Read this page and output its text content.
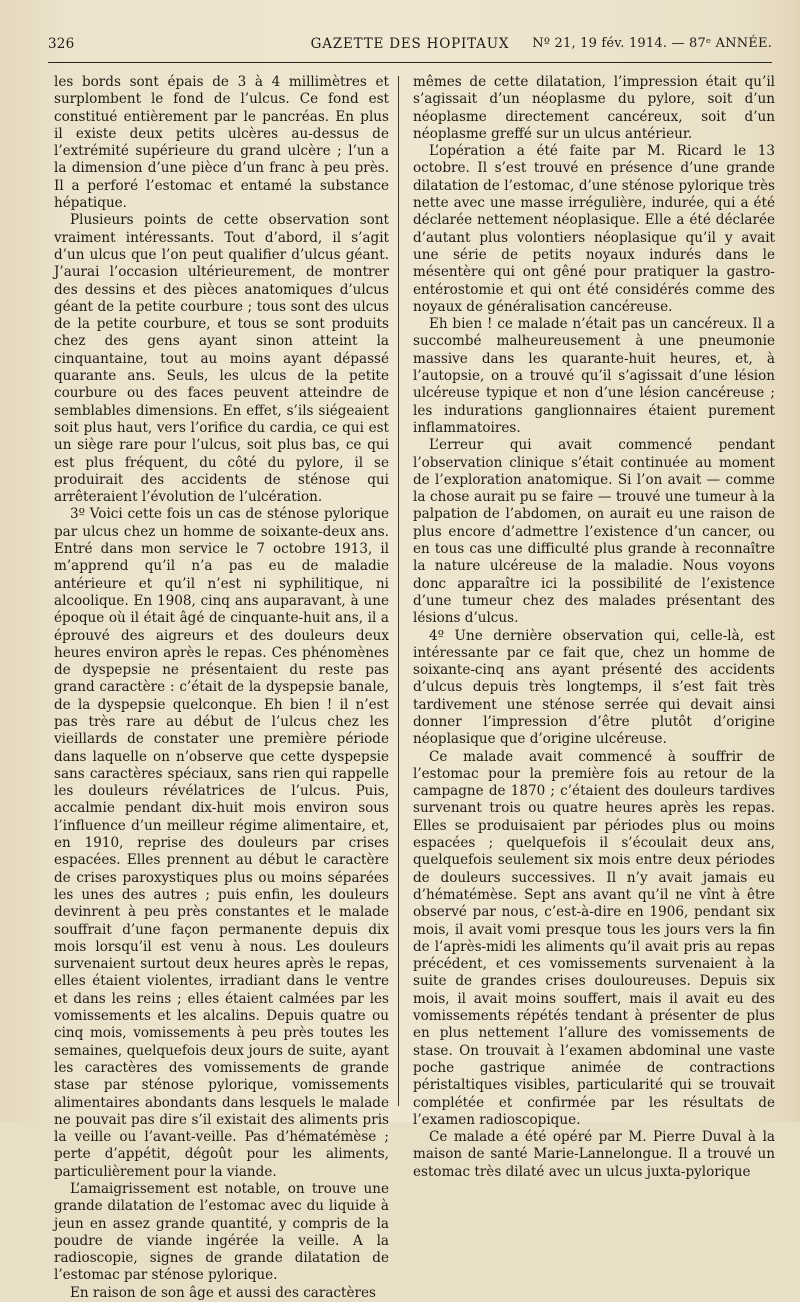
326	GAZETTE DES HOPITAUX	Nº 21, 19 fév. 1914. — 87ᵉ ANNÉE.

les bords sont épais de 3 à 4 millimètres et surplombent le fond de l’ulcus. Ce fond est constitué entièrement par le pancréas. En plus il existe deux petits ulcères au-dessus de l’extrémité supérieure du grand ulcère ; l’un a la dimension d’une pièce d’un franc à peu près. Il a perforé l’estomac et entamé la substance hépatique.

Plusieurs points de cette observation sont vraiment intéressants. Tout d’abord, il s’agit d’un ulcus que l’on peut qualifier d’ulcus géant. J’aurai l’occasion ultérieurement, de montrer des dessins et des pièces anatomiques d’ulcus géant de la petite courbure ; tous sont des ulcus de la petite courbure, et tous se sont produits chez des gens ayant sinon atteint la cinquantaine, tout au moins ayant dépassé quarante ans. Seuls, les ulcus de la petite courbure ou des faces peuvent atteindre de semblables dimensions. En effet, s’ils siégeaient soit plus haut, vers l’orifice du cardia, ce qui est un siège rare pour l’ulcus, soit plus bas, ce qui est plus fréquent, du côté du pylore, il se produirait des accidents de sténose qui arrêteraient l’évolution de l’ulcération.

3º Voici cette fois un cas de sténose pylorique par ulcus chez un homme de soixante-deux ans. Entré dans mon service le 7 octobre 1913, il m’apprend qu’il n’a pas eu de maladie antérieure et qu’il n’est ni syphilitique, ni alcoolique. En 1908, cinq ans auparavant, à une époque où il était âgé de cinquante-huit ans, il a éprouvé des aigreurs et des douleurs deux heures environ après le repas. Ces phénomènes de dyspepsie ne présentaient du reste pas grand caractère : c’était de la dyspepsie banale, de la dyspepsie quelconque. Eh bien ! il n’est pas très rare au début de l’ulcus chez les vieillards de constater une première période dans laquelle on n’observe que cette dyspepsie sans caractères spéciaux, sans rien qui rappelle les douleurs révélatrices de l’ulcus. Puis, accalmie pendant dix-huit mois environ sous l’influence d’un meilleur régime alimentaire, et, en 1910, reprise des douleurs par crises espacées. Elles prennent au début le caractère de crises paroxystiques plus ou moins séparées les unes des autres ; puis enfin, les douleurs devinrent à peu près constantes et le malade souffrait d’une façon permanente depuis dix mois lorsqu’il est venu à nous. Les douleurs survenaient surtout deux heures après le repas, elles étaient violentes, irradiant dans le ventre et dans les reins ; elles étaient calmées par les vomissements et les alcalins. Depuis quatre ou cinq mois, vomissements à peu près toutes les semaines, quelquefois deux jours de suite, ayant les caractères des vomissements de grande stase par sténose pylorique, vomissements alimentaires abondants dans lesquels le malade ne pouvait pas dire s’il existait des aliments pris la veille ou l’avant-veille. Pas d’hématémèse ; perte d’appétit, dégoût pour les aliments, particulièrement pour la viande.

L’amaigrissement est notable, on trouve une grande dilatation de l’estomac avec du liquide à jeun en assez grande quantité, y compris de la poudre de viande ingérée la veille. A la radioscopie, signes de grande dilatation de l’estomac par sténose pylorique.

En raison de son âge et aussi des caractères

mêmes de cette dilatation, l’impression était qu’il s’agissait d’un néoplasme du pylore, soit d’un néoplasme directement cancéreux, soit d’un néoplasme greffé sur un ulcus antérieur.

L’opération a été faite par M. Ricard le 13 octobre. Il s’est trouvé en présence d’une grande dilatation de l’estomac, d’une sténose pylorique très nette avec une masse irrégulière, indurée, qui a été déclarée nettement néoplasique. Elle a été déclarée d’autant plus volontiers néoplasique qu’il y avait une série de petits noyaux indurés dans le mésentère qui ont gêné pour pratiquer la gastro-entérostomie et qui ont été considérés comme des noyaux de généralisation cancéreuse.

Eh bien ! ce malade n’était pas un cancéreux. Il a succombé malheureusement à une pneumonie massive dans les quarante-huit heures, et, à l’autopsie, on a trouvé qu’il s’agissait d’une lésion ulcéreuse typique et non d’une lésion cancéreuse ; les indurations ganglionnaires étaient purement inflammatoires.

L’erreur qui avait commencé pendant l’observation clinique s’était continuée au moment de l’exploration anatomique. Si l’on avait — comme la chose aurait pu se faire — trouvé une tumeur à la palpation de l’abdomen, on aurait eu une raison de plus encore d’admettre l’existence d’un cancer, ou en tous cas une difficulté plus grande à reconnaître la nature ulcéreuse de la maladie. Nous voyons donc apparaître ici la possibilité de l’existence d’une tumeur chez des malades présentant des lésions d’ulcus.

4º Une dernière observation qui, celle-là, est intéressante par ce fait que, chez un homme de soixante-cinq ans ayant présenté des accidents d’ulcus depuis très longtemps, il s’est fait très tardivement une sténose serrée qui devait ainsi donner l’impression d’être plutôt d’origine néoplasique que d’origine ulcéreuse.

Ce malade avait commencé à souffrir de l’estomac pour la première fois au retour de la campagne de 1870 ; c’étaient des douleurs tardives survenant trois ou quatre heures après les repas. Elles se produisaient par périodes plus ou moins espacées ; quelquefois il s’écoulait deux ans, quelquefois seulement six mois entre deux périodes de douleurs successives. Il n’y avait jamais eu d’hématémèse. Sept ans avant qu’il ne vînt à être observé par nous, c’est-à-dire en 1906, pendant six mois, il avait vomi presque tous les jours vers la fin de l’après-midi les aliments qu’il avait pris au repas précédent, et ces vomissements survenaient à la suite de grandes crises douloureuses. Depuis six mois, il avait moins souffert, mais il avait eu des vomissements répétés tendant à présenter de plus en plus nettement l’allure des vomissements de stase. On trouvait à l’examen abdominal une vaste poche gastrique animée de contractions péristaltiques visibles, particularité qui se trouvait complétée et confirmée par les résultats de l’examen radioscopique.

Ce malade a été opéré par M. Pierre Duval à la maison de santé Marie-Lannelongue. Il a trouvé un estomac très dilaté avec un ulcus juxta-pylorique
